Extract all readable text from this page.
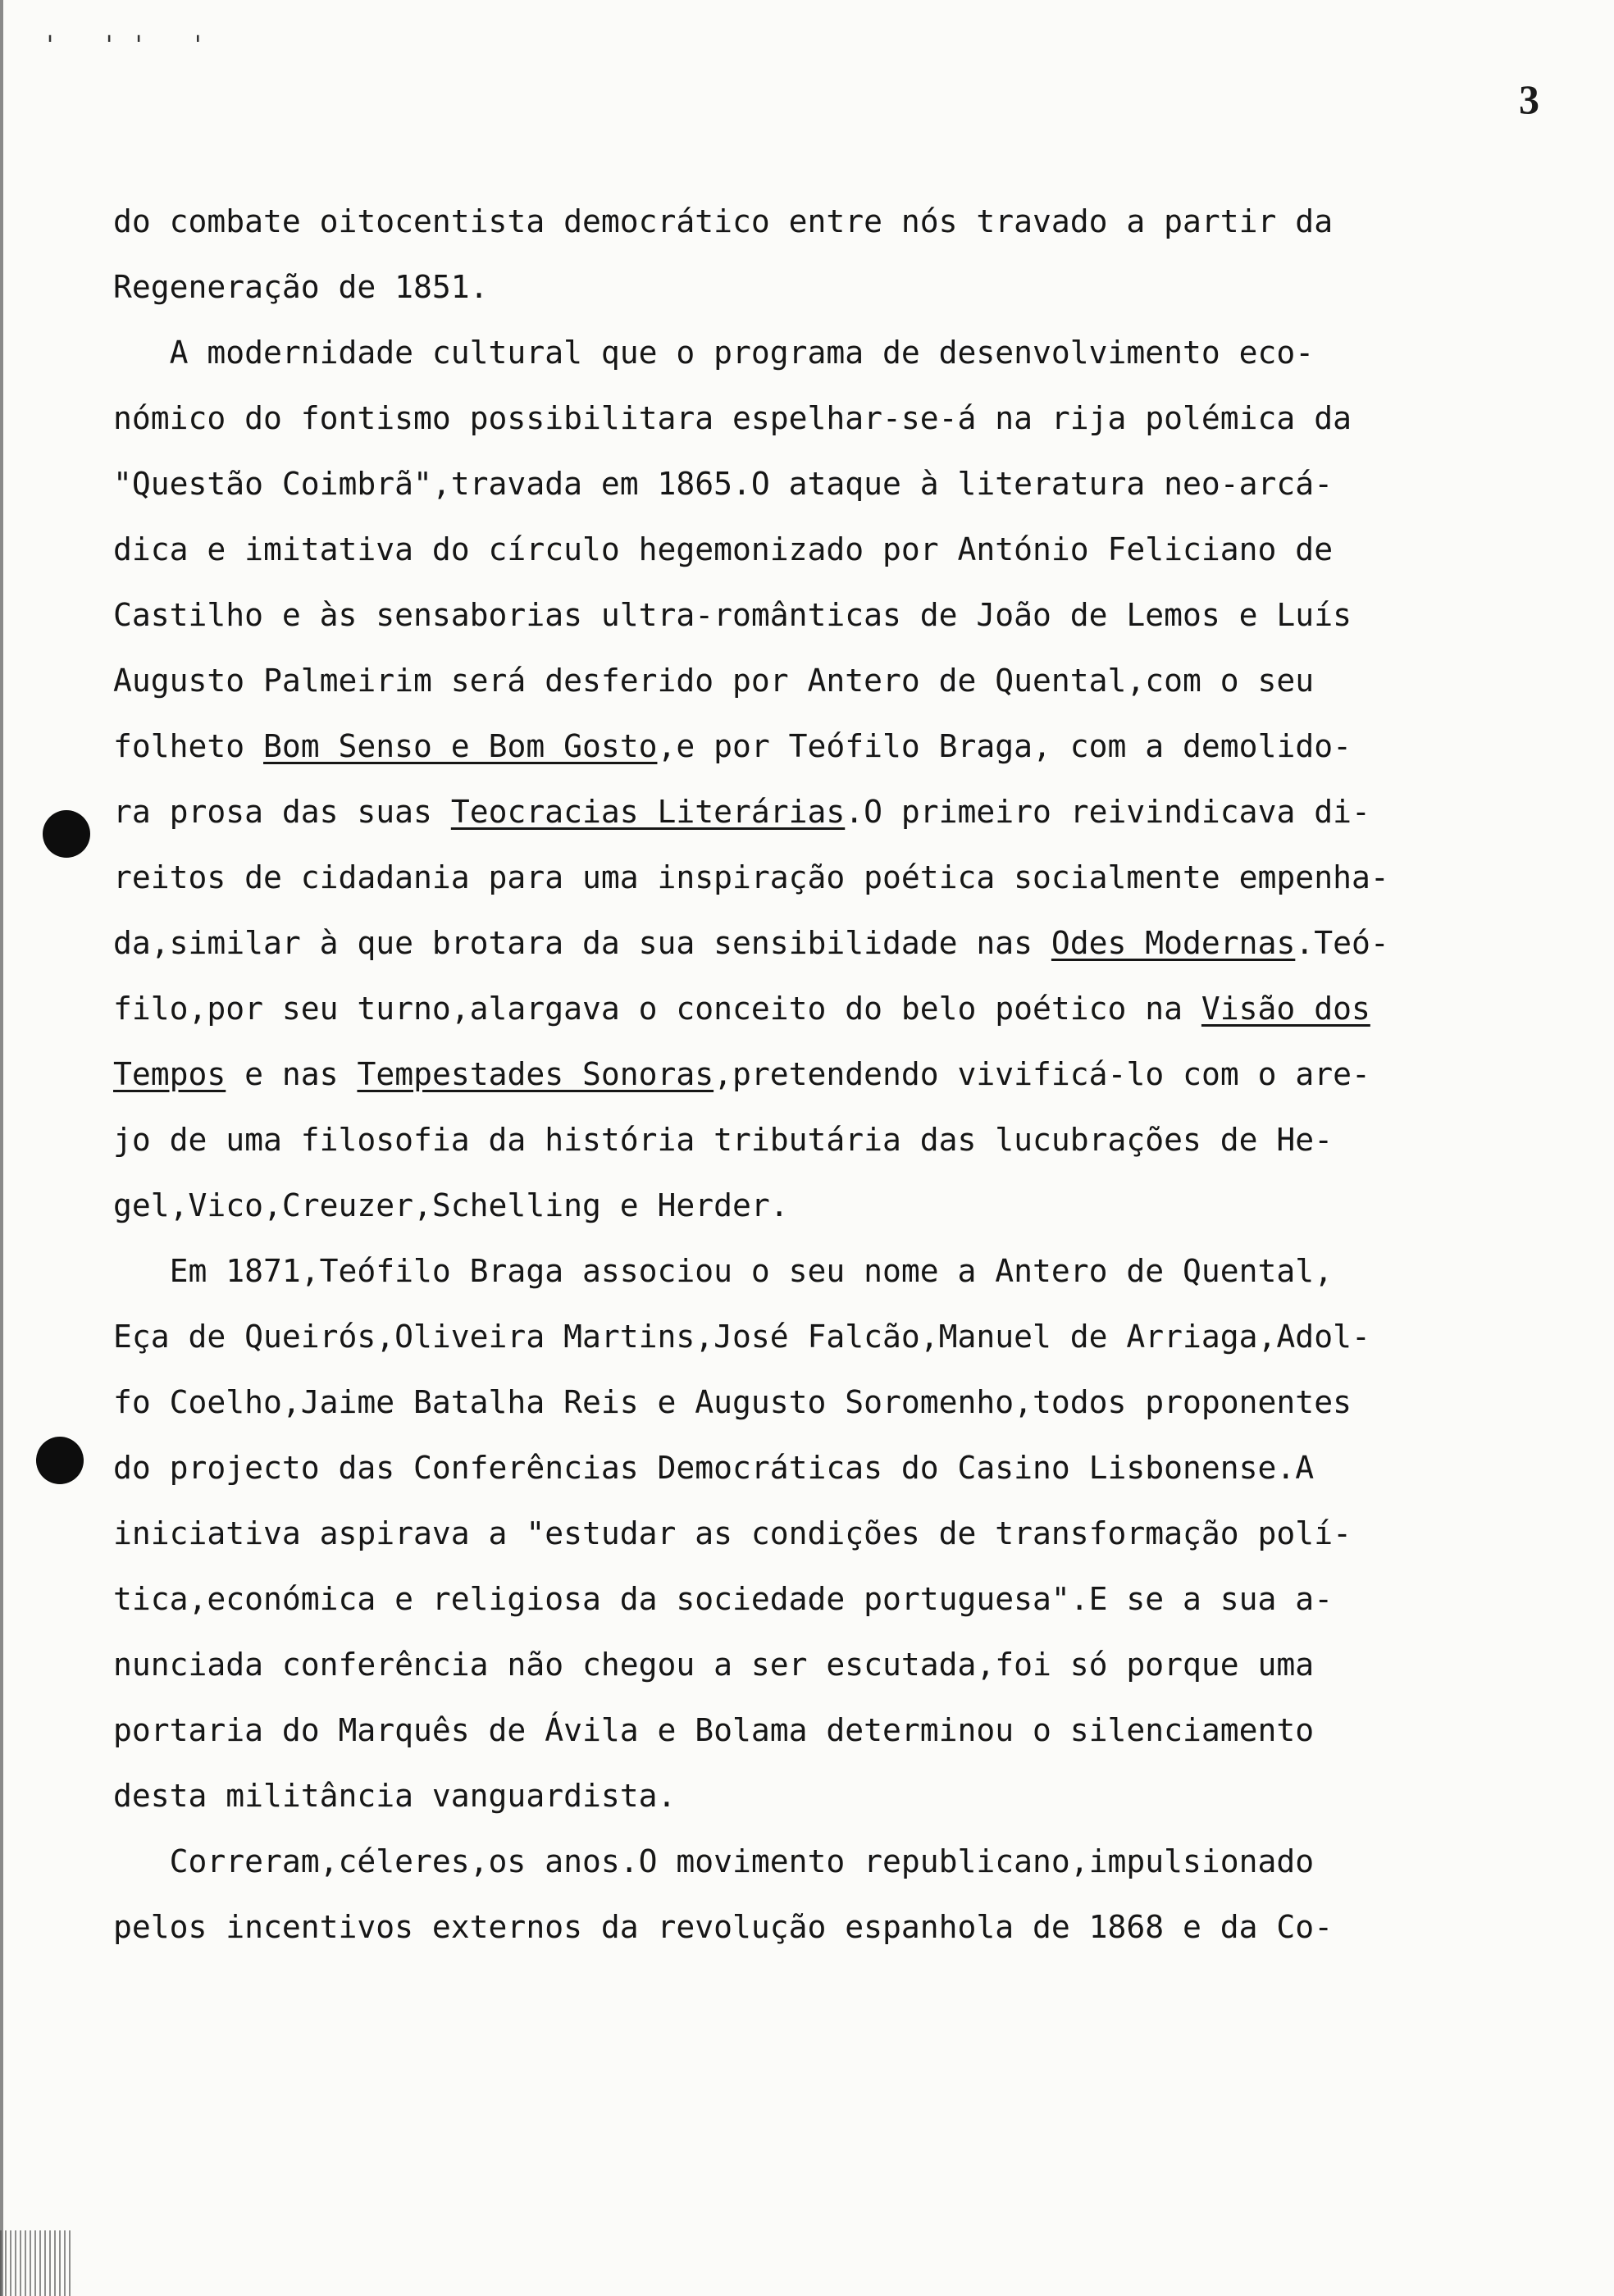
' '' '
3
do combate oitocentista democrático entre nós travado a partir da
Regeneração de 1851.
A modernidade cultural que o programa de desenvolvimento eco-
nómico do fontismo possibilitara espelhar-se-á na rija polémica da
"Questão Coimbrã",travada em 1865.O ataque à literatura neo-arcá-
dica e imitativa do círculo hegemonizado por António Feliciano de
Castilho e às sensaborias ultra-românticas de João de Lemos e Luís
Augusto Palmeirim será desferido por Antero de Quental,com o seu
folheto Bom Senso e Bom Gosto,e por Teófilo Braga, com a demolido-
ra prosa das suas Teocracias Literárias.O primeiro reivindicava di-
reitos de cidadania para uma inspiração poética socialmente empenha-
da,similar à que brotara da sua sensibilidade nas Odes Modernas.Teó-
filo,por seu turno,alargava o conceito do belo poético na Visão dos
Tempos e nas Tempestades Sonoras,pretendendo vivificá-lo com o are-
jo de uma filosofia da história tributária das lucubrações de He-
gel,Vico,Creuzer,Schelling e Herder.
Em 1871,Teófilo Braga associou o seu nome a Antero de Quental,
Eça de Queirós,Oliveira Martins,José Falcão,Manuel de Arriaga,Adol-
fo Coelho,Jaime Batalha Reis e Augusto Soromenho,todos proponentes
do projecto das Conferências Democráticas do Casino Lisbonense.A
iniciativa aspirava a "estudar as condições de transformação polí-
tica,económica e religiosa da sociedade portuguesa".E se a sua a-
nunciada conferência não chegou a ser escutada,foi só porque uma
portaria do Marquês de Ávila e Bolama determinou o silenciamento
desta militância vanguardista.
Correram,céleres,os anos.O movimento republicano,impulsionado
pelos incentivos externos da revolução espanhola de 1868 e da Co-
